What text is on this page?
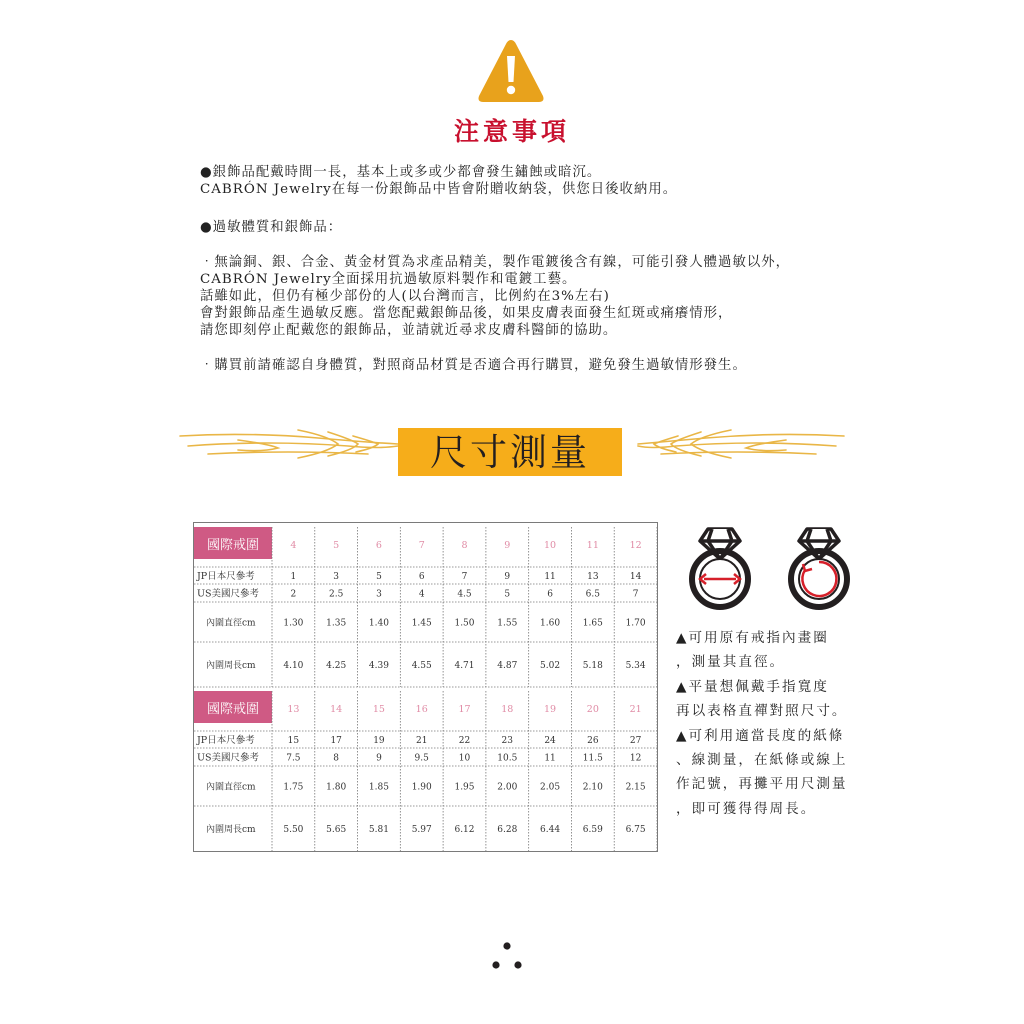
注意事項
●銀飾品配戴時間一長，基本上或多或少都會發生鏽蝕或暗沉。
CABRÓN Jewelry在每一份銀飾品中皆會附贈收納袋，供您日後收納用。
●過敏體質和銀飾品：
‧無論銅、銀、合金、黃金材質為求產品精美，製作電鍍後含有鎳，可能引發人體過敏以外，
CABRÓN Jewelry全面採用抗過敏原料製作和電鍍工藝。
話雖如此，但仍有極少部份的人(以台灣而言，比例約在3%左右)
會對銀飾品產生過敏反應。當您配戴銀飾品後，如果皮膚表面發生紅斑或痛癢情形，
請您即刻停止配戴您的銀飾品，並請就近尋求皮膚科醫師的協助。
‧購買前請確認自身體質，對照商品材質是否適合再行購買，避免發生過敏情形發生。
尺寸測量
國際戒圍	4	5	6	7	8	9	10	11	12
JP日本尺參考	1	3	5	6	7	9	11	13	14
US美國尺參考	2	2.5	3	4	4.5	5	6	6.5	7
內圍直徑cm	1.30	1.35	1.40	1.45	1.50	1.55	1.60	1.65	1.70
內圍周長cm	4.10	4.25	4.39	4.55	4.71	4.87	5.02	5.18	5.34
國際戒圍	13	14	15	16	17	18	19	20	21
JP日本尺參考	15	17	19	21	22	23	24	26	27
US美國尺參考	7.5	8	9	9.5	10	10.5	11	11.5	12
內圍直徑cm	1.75	1.80	1.85	1.90	1.95	2.00	2.05	2.10	2.15
內圍周長cm	5.50	5.65	5.81	5.97	6.12	6.28	6.44	6.59	6.75
▲可用原有戒指內畫圈
，測量其直徑。
▲平量想佩戴手指寬度
再以表格直禪對照尺寸。
▲可利用適當長度的紙條
、線測量，在紙條或線上
作記號，再攤平用尺測量
，即可獲得得周長。
